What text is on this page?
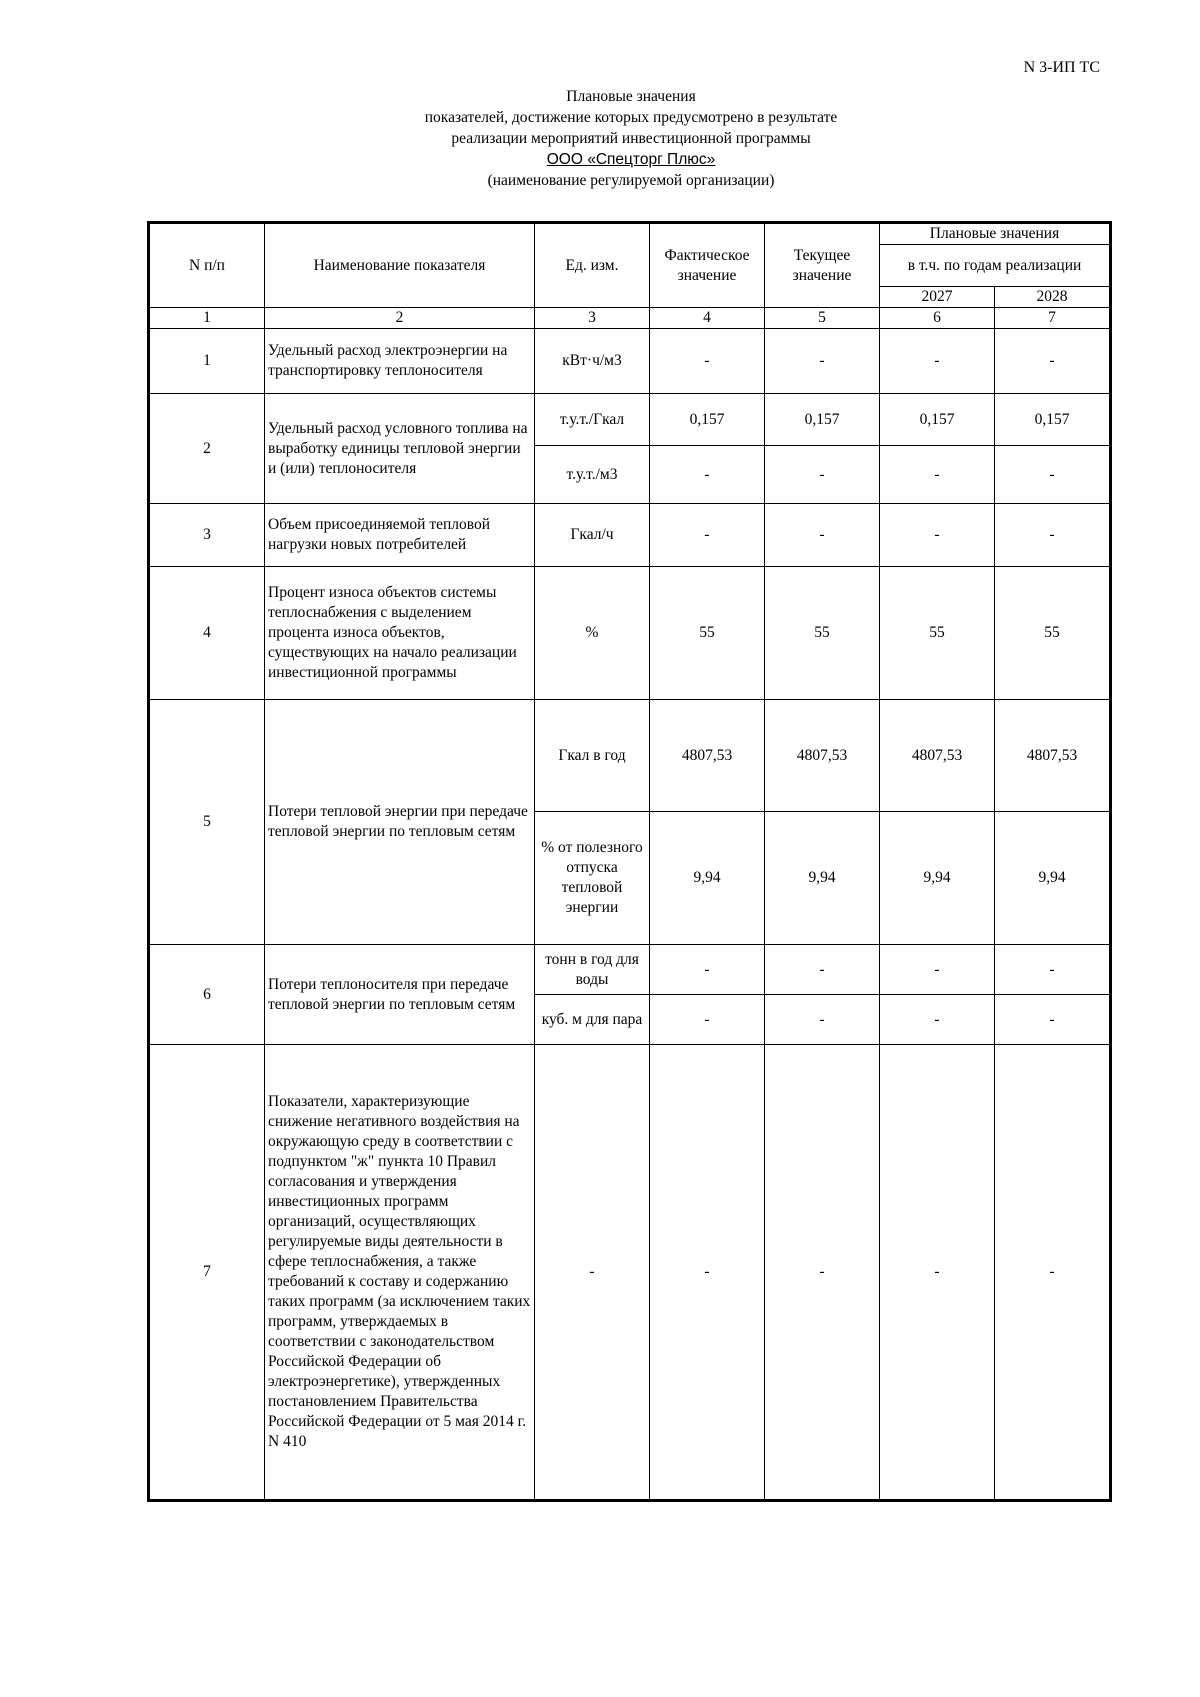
N 3-ИП ТС
Плановые значения
показателей, достижение которых предусмотрено в результате
реализации мероприятий инвестиционной программы
ООО «Спецторг Плюс»
(наименование регулируемой организации)
N п/п	Наименование показателя	Ед. изм.	Фактическое значение	Текущее значение	Плановые значения	
					в т.ч. по годам реализации	
					2027	2028
1	2	3	4	5	6	7
1	Удельный расход электроэнергии на транспортировку теплоносителя	кВт·ч/м3	-	-	-	-
2	Удельный расход условного топлива на выработку единицы тепловой энергии и (или) теплоносителя	т.у.т./Гкал	0,157	0,157	0,157	0,157
		т.у.т./м3	-	-	-	-
3	Объем присоединяемой тепловой нагрузки новых потребителей	Гкал/ч	-	-	-	-
4	Процент износа объектов системы теплоснабжения с выделением процента износа объектов, существующих на начало реализации инвестиционной программы	%	55	55	55	55
5	Потери тепловой энергии при передаче тепловой энергии по тепловым сетям	Гкал в год	4807,53	4807,53	4807,53	4807,53
		% от полезного отпуска тепловой энергии	9,94	9,94	9,94	9,94
6	Потери теплоносителя при передаче тепловой энергии по тепловым сетям	тонн в год для воды	-	-	-	-
		куб. м для пара	-	-	-	-
7	Показатели, характеризующие снижение негативного воздействия на окружающую среду в соответствии с подпунктом "ж" пункта 10 Правил согласования и утверждения инвестиционных программ организаций, осуществляющих регулируемые виды деятельности в сфере теплоснабжения, а также требований к составу и содержанию таких программ (за исключением таких программ, утверждаемых в соответствии с законодательством Российской Федерации об электроэнергетике), утвержденных постановлением Правительства Российской Федерации от 5 мая 2014 г. N 410	-	-	-	-	-
